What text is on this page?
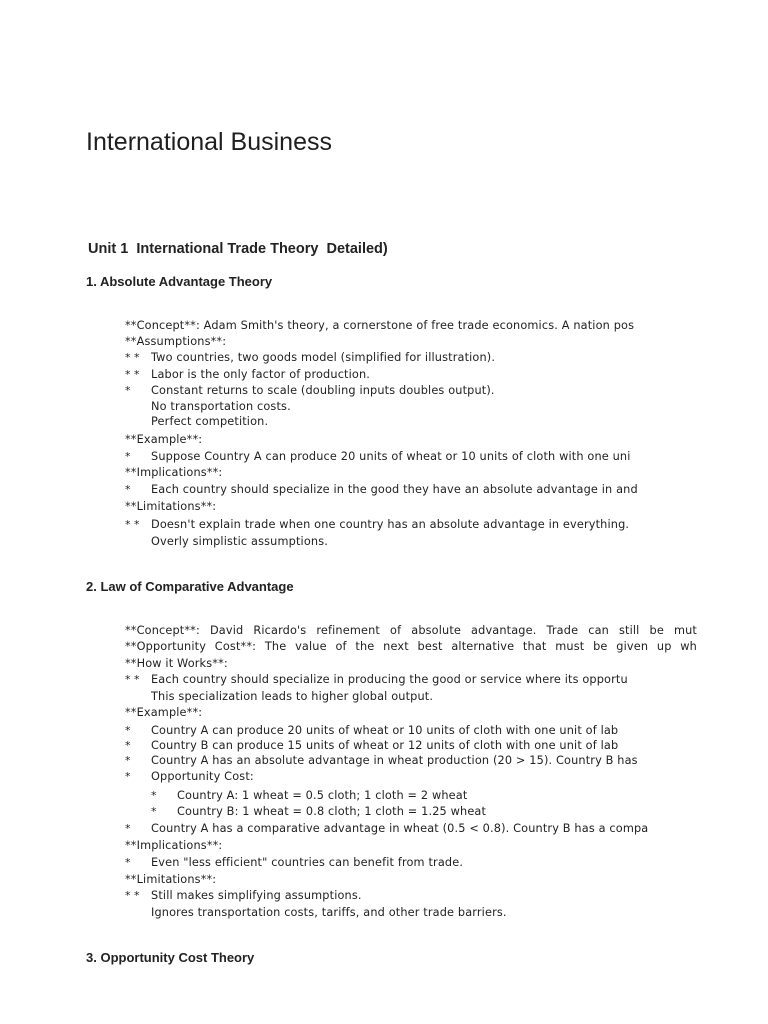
International Business
Unit 1  International Trade Theory  Detailed)
1. Absolute Advantage Theory
**Concept**: Adam Smith's theory, a cornerstone of free trade economics. A nation pos
**Assumptions**:
* * Two countries, two goods model (simplified for illustration).
* * Labor is the only factor of production.
* Constant returns to scale (doubling inputs doubles output).
No transportation costs.
Perfect competition.
**Example**:
* Suppose Country A can produce 20 units of wheat or 10 units of cloth with one uni
**Implications**:
* Each country should specialize in the good they have an absolute advantage in and
**Limitations**:
* * Doesn't explain trade when one country has an absolute advantage in everything.
Overly simplistic assumptions.
2. Law of Comparative Advantage
**Concept**: David Ricardo's refinement of absolute advantage. Trade can still be mut
**Opportunity Cost**: The value of the next best alternative that must be given up wh
**How it Works**:
* * Each country should specialize in producing the good or service where its opportu
This specialization leads to higher global output.
**Example**:
* Country A can produce 20 units of wheat or 10 units of cloth with one unit of lab
* Country B can produce 15 units of wheat or 12 units of cloth with one unit of lab
* Country A has an absolute advantage in wheat production (20 > 15). Country B has
* Opportunity Cost:
* Country A: 1 wheat = 0.5 cloth; 1 cloth = 2 wheat
* Country B: 1 wheat = 0.8 cloth; 1 cloth = 1.25 wheat
* Country A has a comparative advantage in wheat (0.5 < 0.8). Country B has a compa
**Implications**:
* Even "less efficient" countries can benefit from trade.
**Limitations**:
* * Still makes simplifying assumptions.
Ignores transportation costs, tariffs, and other trade barriers.
3. Opportunity Cost Theory
